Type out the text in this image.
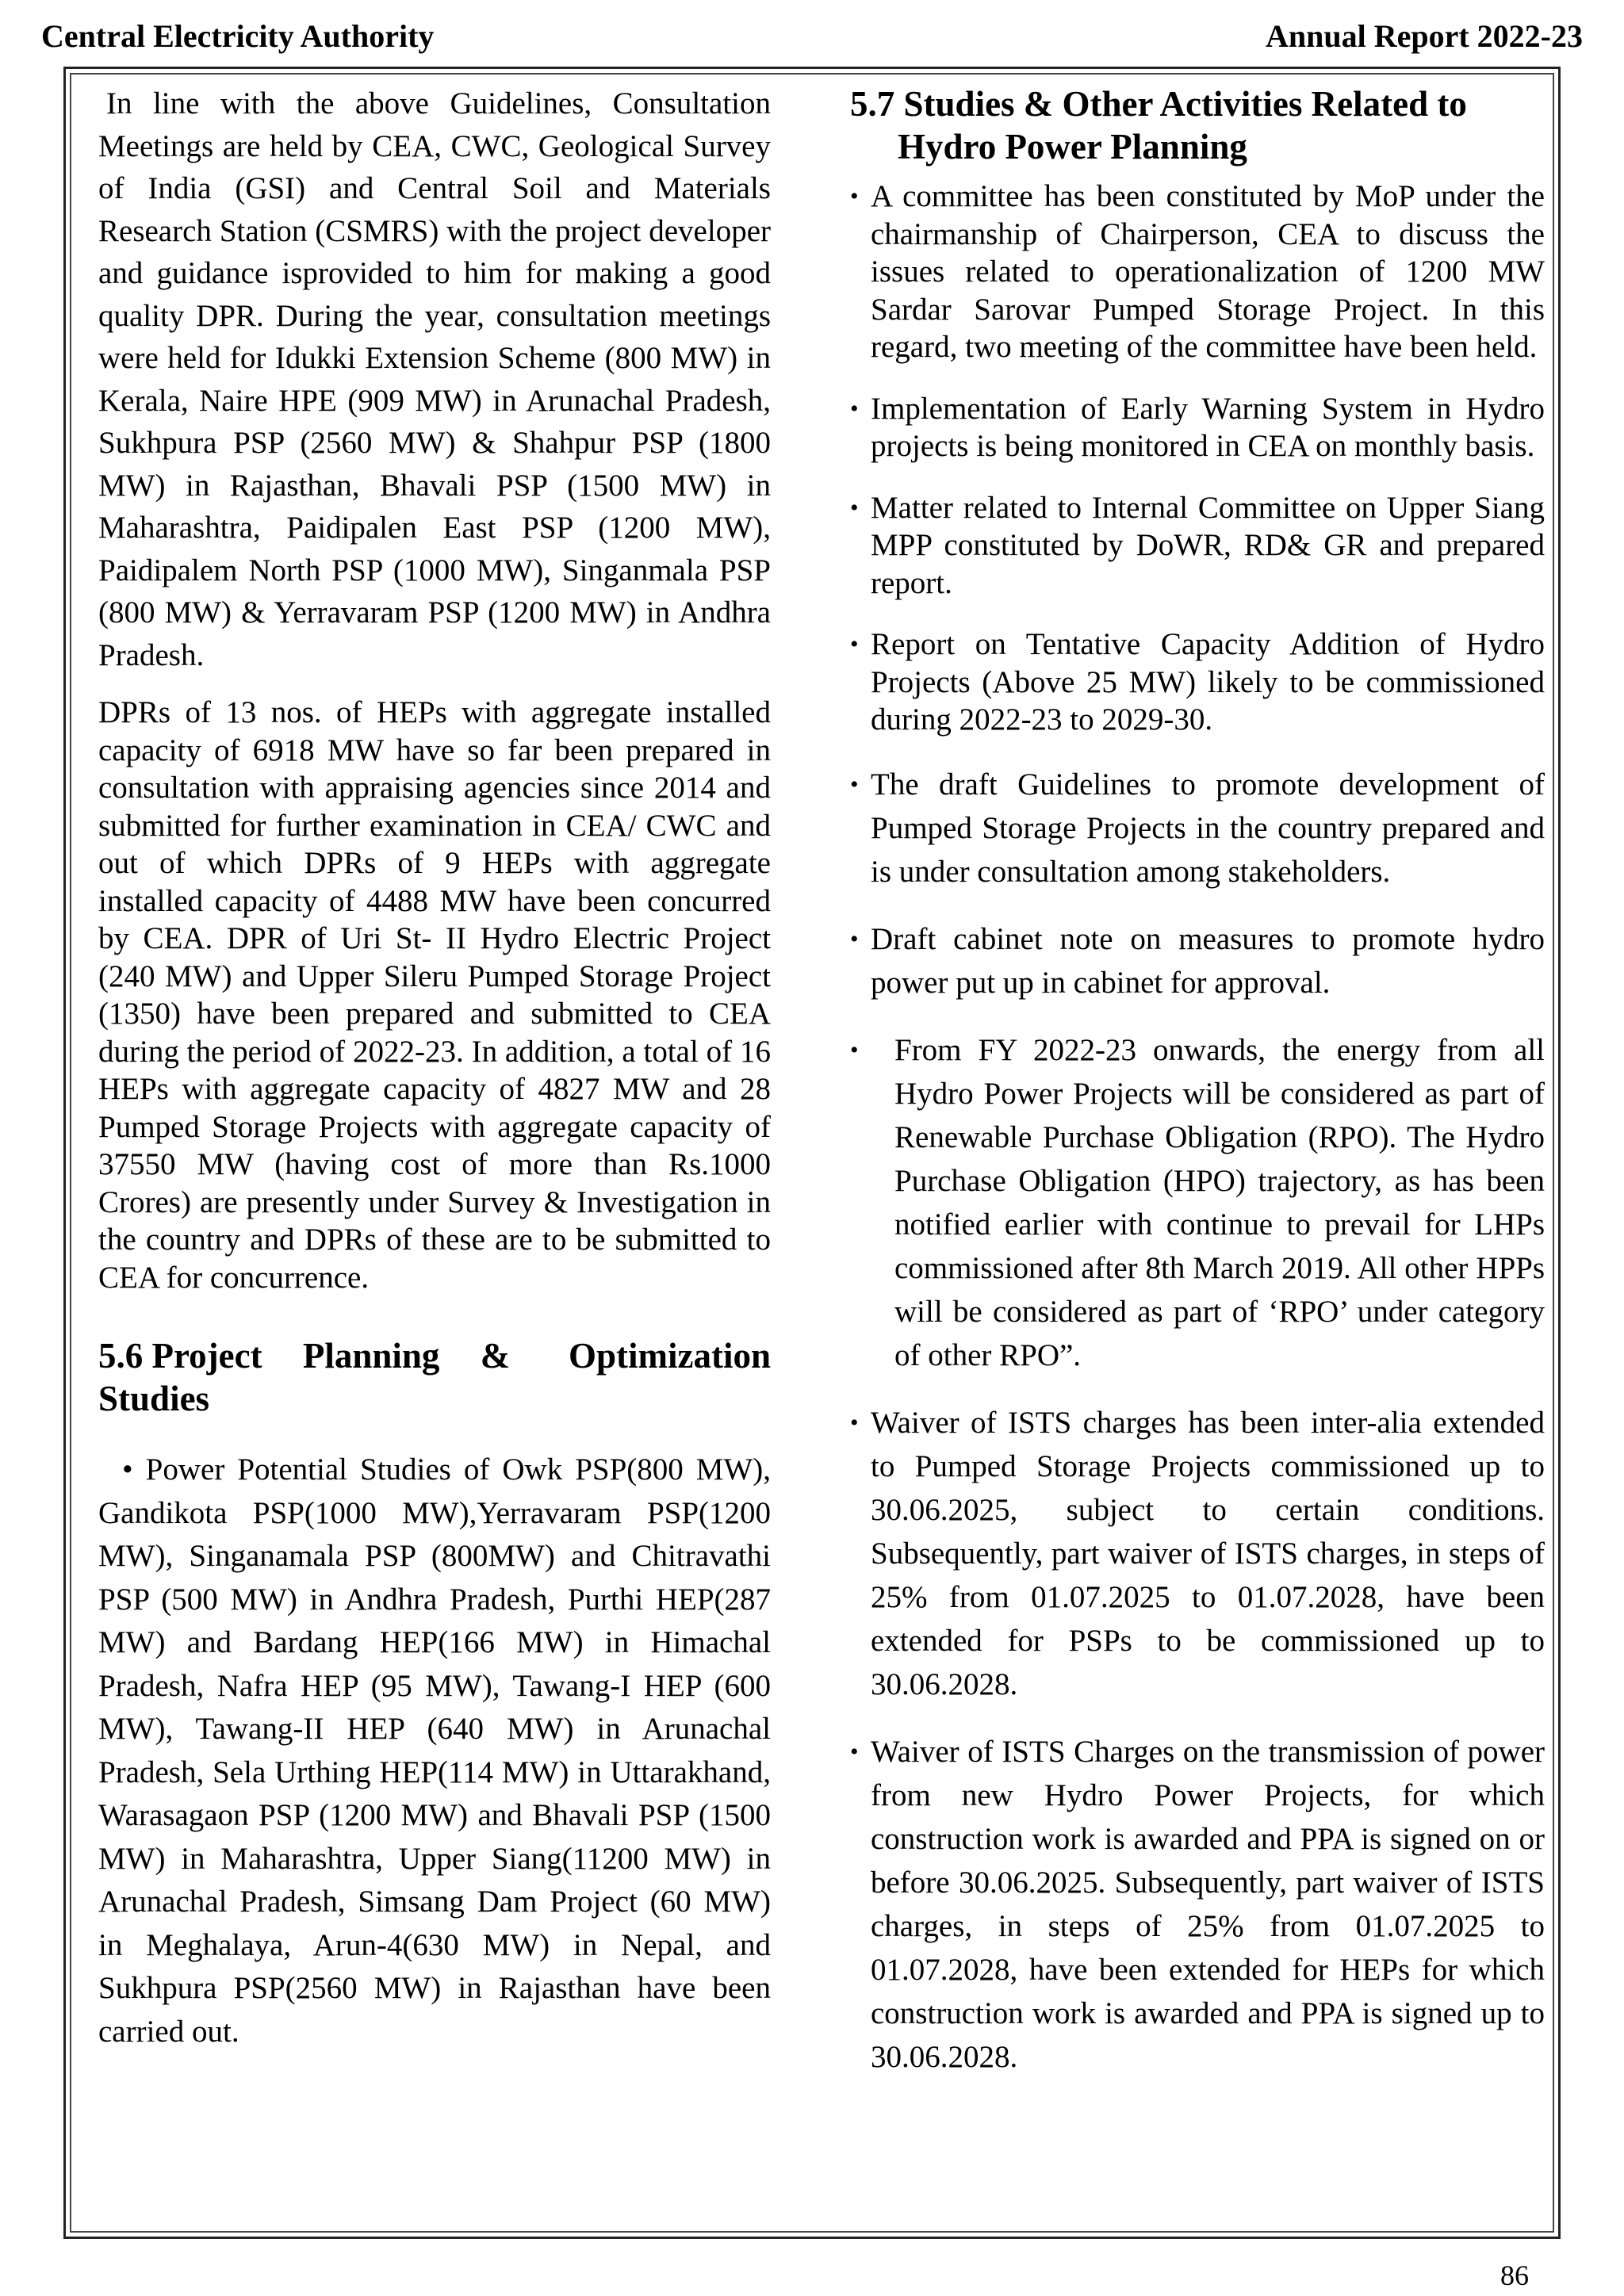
Central Electricity Authority	Annual Report 2022-23

In line with the above Guidelines, Consultation Meetings are held by CEA, CWC, Geological Survey of India (GSI) and Central Soil and Materials Research Station (CSMRS) with the project developer and guidance isprovided to him for making a good quality DPR. During the year, consultation meetings were held for Idukki Extension Scheme (800 MW) in Kerala, Naire HPE (909 MW) in Arunachal Pradesh, Sukhpura PSP (2560 MW) & Shahpur PSP (1800 MW) in Rajasthan, Bhavali PSP (1500 MW) in Maharashtra, Paidipalen East PSP (1200 MW), Paidipalem North PSP (1000 MW), Singanmala PSP (800 MW) & Yerravaram PSP (1200 MW) in Andhra Pradesh.

DPRs of 13 nos. of HEPs with aggregate installed capacity of 6918 MW have so far been prepared in consultation with appraising agencies since 2014 and submitted for further examination in CEA/ CWC and out of which DPRs of 9 HEPs with aggregate installed capacity of 4488 MW have been concurred by CEA. DPR of Uri St- II Hydro Electric Project (240 MW) and Upper Sileru Pumped Storage Project (1350) have been prepared and submitted to CEA during the period of 2022-23. In addition, a total of 16 HEPs with aggregate capacity of 4827 MW and 28 Pumped Storage Projects with aggregate capacity of 37550 MW (having cost of more than Rs.1000 Crores) are presently under Survey & Investigation in the country and DPRs of these are to be submitted to CEA for concurrence.

5.6 Project Planning &	Optimization
Studies

• Power Potential Studies of Owk PSP(800 MW), Gandikota PSP(1000 MW),Yerravaram PSP(1200 MW), Singanamala PSP (800MW) and Chitravathi PSP (500 MW) in Andhra Pradesh, Purthi HEP(287 MW) and Bardang HEP(166 MW) in Himachal Pradesh, Nafra HEP (95 MW), Tawang-I HEP (600 MW), Tawang-II HEP (640 MW) in Arunachal Pradesh, Sela Urthing HEP(114 MW) in Uttarakhand, Warasagaon PSP (1200 MW) and Bhavali PSP (1500 MW) in Maharashtra, Upper Siang(11200 MW) in Arunachal Pradesh, Simsang Dam Project (60 MW) in Meghalaya, Arun-4(630 MW) in Nepal, and Sukhpura PSP(2560 MW) in Rajasthan have been carried out.

5.7 Studies & Other Activities Related to Hydro Power Planning
• A committee has been constituted by MoP under the chairmanship of Chairperson, CEA to discuss the issues related to operationalization of 1200 MW Sardar Sarovar Pumped Storage Project. In this regard, two meeting of the committee have been held.
• Implementation of Early Warning System in Hydro projects is being monitored in CEA on monthly basis.
• Matter related to Internal Committee on Upper Siang MPP constituted by DoWR, RD& GR and prepared report.
• Report on Tentative Capacity Addition of Hydro Projects (Above 25 MW) likely to be commissioned during 2022-23 to 2029-30.
• The draft Guidelines to promote development of Pumped Storage Projects in the country prepared and is under consultation among stakeholders.
• Draft cabinet note on measures to promote hydro power put up in cabinet for approval.
• From FY 2022-23 onwards, the energy from all Hydro Power Projects will be considered as part of Renewable Purchase Obligation (RPO). The Hydro Purchase Obligation (HPO) trajectory, as has been notified earlier with continue to prevail for LHPs commissioned after 8th March 2019. All other HPPs will be considered as part of ‘RPO’ under category of other RPO”.
• Waiver of ISTS charges has been inter-alia extended to Pumped Storage Projects commissioned up to 30.06.2025, subject to certain conditions. Subsequently, part waiver of ISTS charges, in steps of 25% from 01.07.2025 to 01.07.2028, have been extended for PSPs to be commissioned up to 30.06.2028.
• Waiver of ISTS Charges on the transmission of power from new Hydro Power Projects, for which construction work is awarded and PPA is signed on or before 30.06.2025. Subsequently, part waiver of ISTS charges, in steps of 25% from 01.07.2025 to 01.07.2028, have been extended for HEPs for which construction work is awarded and PPA is signed up to 30.06.2028.
86
